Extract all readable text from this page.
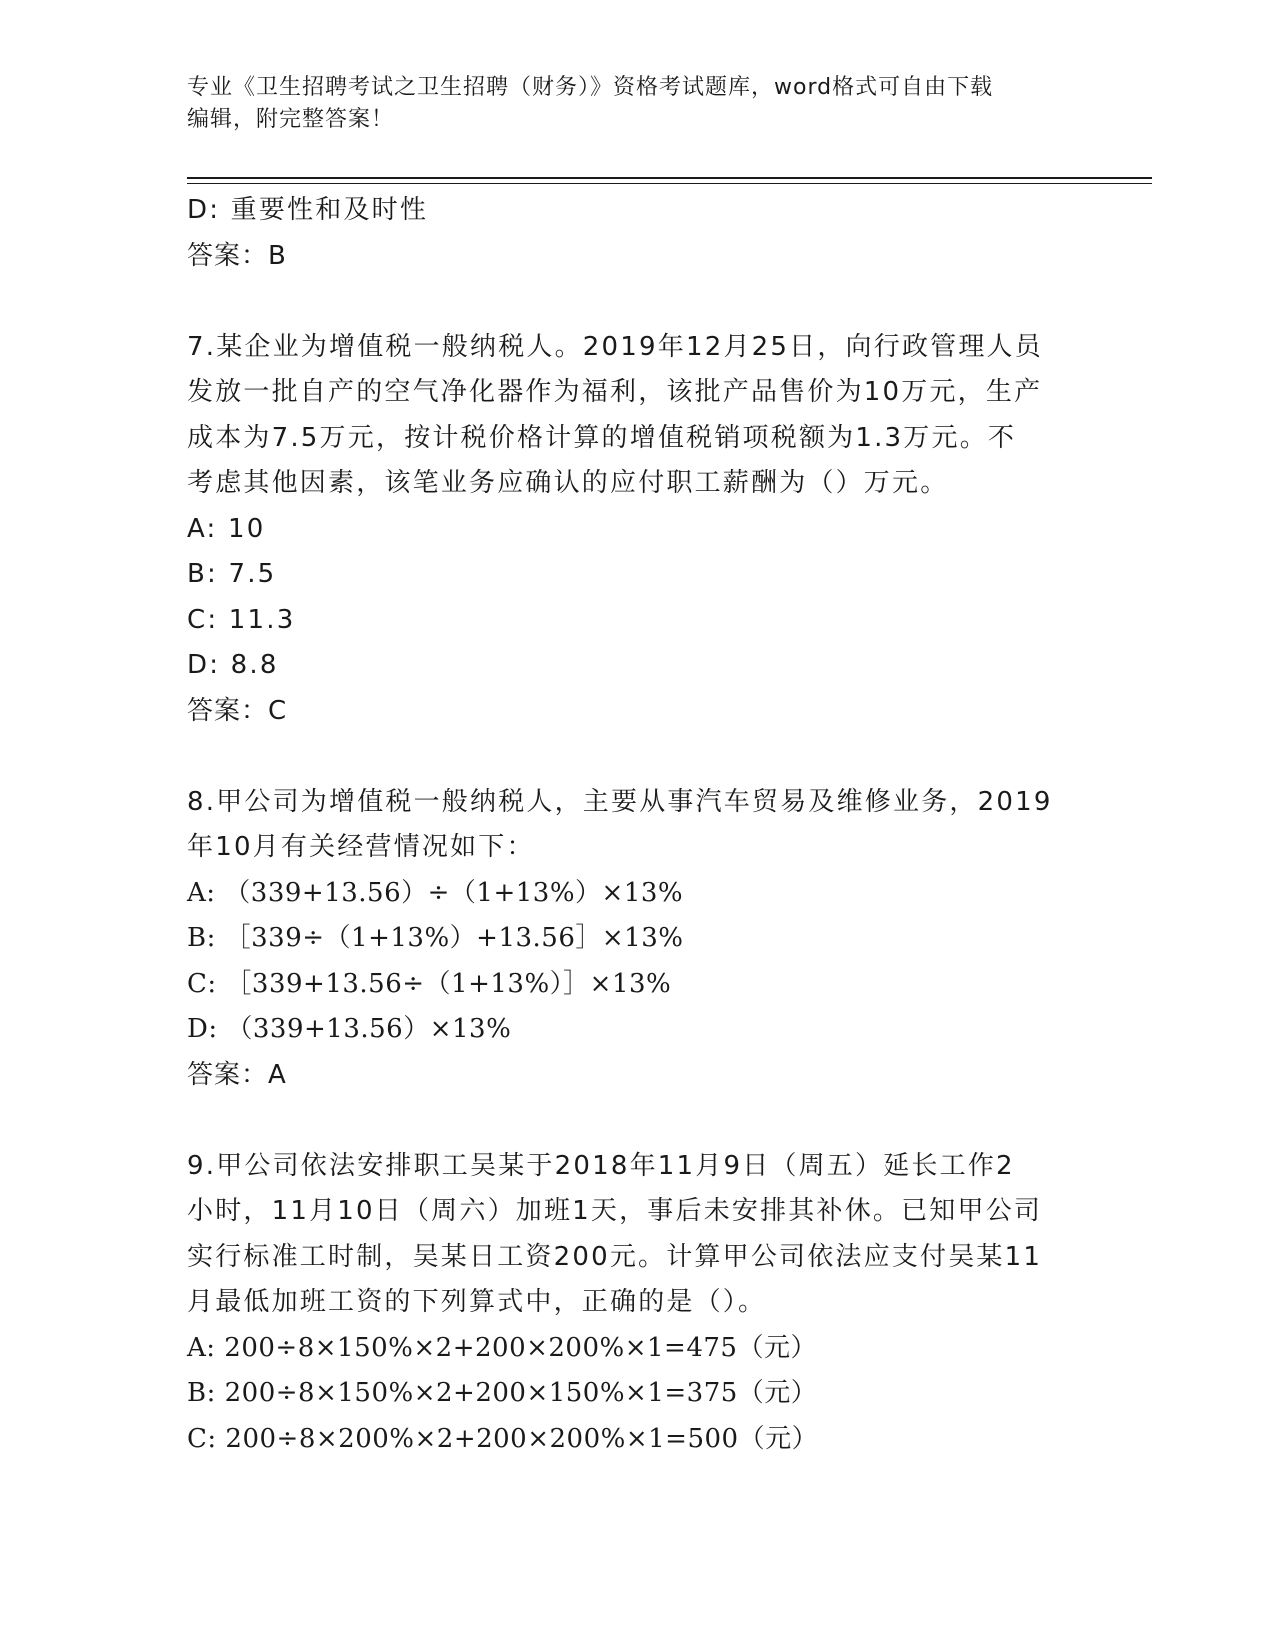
专业《卫生招聘考试之卫生招聘（财务）》资格考试题库，word格式可自由下载
编辑，附完整答案！
D: 重要性和及时性
答案：B
7.某企业为增值税一般纳税人。2019年12月25日，向行政管理人员
发放一批自产的空气净化器作为福利，该批产品售价为10万元，生产
成本为7.5万元，按计税价格计算的增值税销项税额为1.3万元。不
考虑其他因素，该笔业务应确认的应付职工薪酬为（）万元。
A: 10
B: 7.5
C: 11.3
D: 8.8
答案：C
8.甲公司为增值税一般纳税人，主要从事汽车贸易及维修业务，2019
年10月有关经营情况如下：
A: （339+13.56）÷（1+13%）×13%
B: ［339÷（1+13%）+13.56］×13%
C: ［339+13.56÷（1+13%）］×13%
D: （339+13.56）×13%
答案：A
9.甲公司依法安排职工吴某于2018年11月9日（周五）延长工作2
小时，11月10日（周六）加班1天，事后未安排其补休。已知甲公司
实行标准工时制，吴某日工资200元。计算甲公司依法应支付吴某11
月最低加班工资的下列算式中，正确的是（）。
A: 200÷8×150%×2+200×200%×1=475（元）
B: 200÷8×150%×2+200×150%×1=375（元）
C: 200÷8×200%×2+200×200%×1=500（元）
